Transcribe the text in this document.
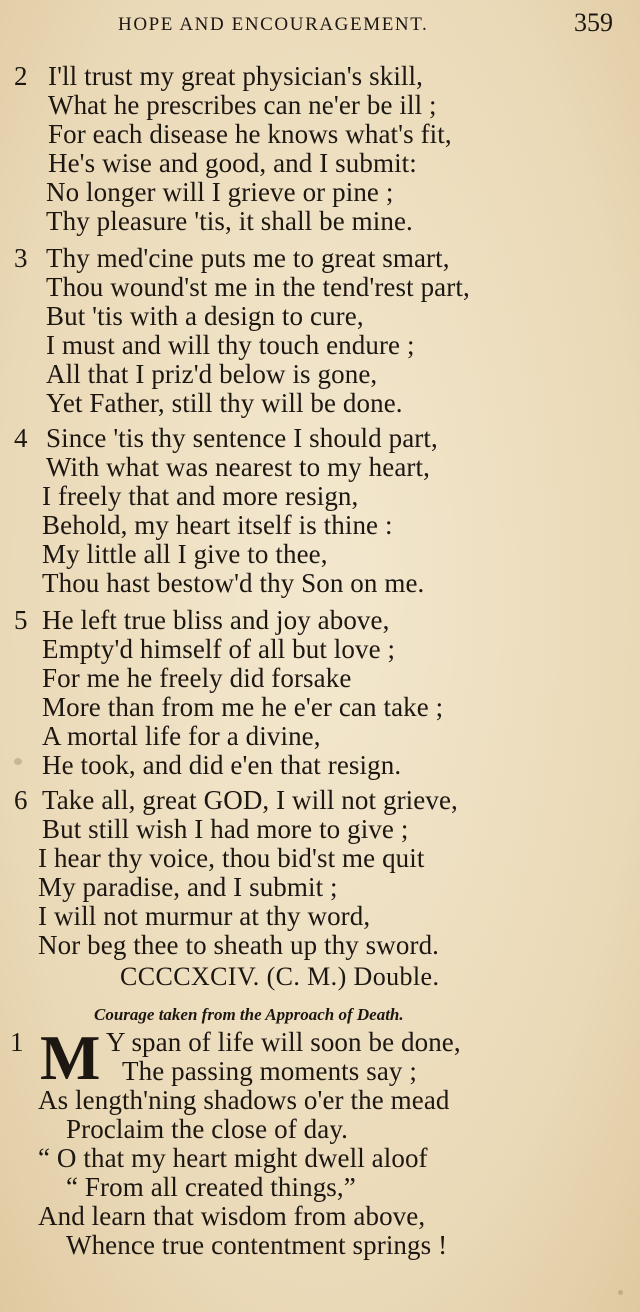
HOPE AND ENCOURAGEMENT.	359
2 I'll trust my great physician's skill,
What he prescribes can ne'er be ill ;
For each disease he knows what's fit,
He's wise and good, and I submit:
No longer will I grieve or pine ;
Thy pleasure 'tis, it shall be mine.
3 Thy med'cine puts me to great smart,
Thou wound'st me in the tend'rest part,
But 'tis with a design to cure,
I must and will thy touch endure ;
All that I priz'd below is gone,
Yet Father, still thy will be done.
4 Since 'tis thy sentence I should part,
With what was nearest to my heart,
I freely that and more resign,
Behold, my heart itself is thine :
My little all I give to thee,
Thou hast bestow'd thy Son on me.
5 He left true bliss and joy above,
Empty'd himself of all but love ;
For me he freely did forsake
More than from me he e'er can take ;
A mortal life for a divine,
He took, and did e'en that resign.
6 Take all, great GOD, I will not grieve,
But still wish I had more to give ;
I hear thy voice, thou bid'st me quit
My paradise, and I submit ;
I will not murmur at thy word,
Nor beg thee to sheath up thy sword.
CCCCXCIV. (C. M.) Double.
Courage taken from the Approach of Death.
1	Y span of life will soon be done,
The passing moments say ;
As length'ning shadows o'er the mead
Proclaim the close of day.
“ O that my heart might dwell aloof
“ From all created things,”
And learn that wisdom from above,
Whence true contentment springs !
M
